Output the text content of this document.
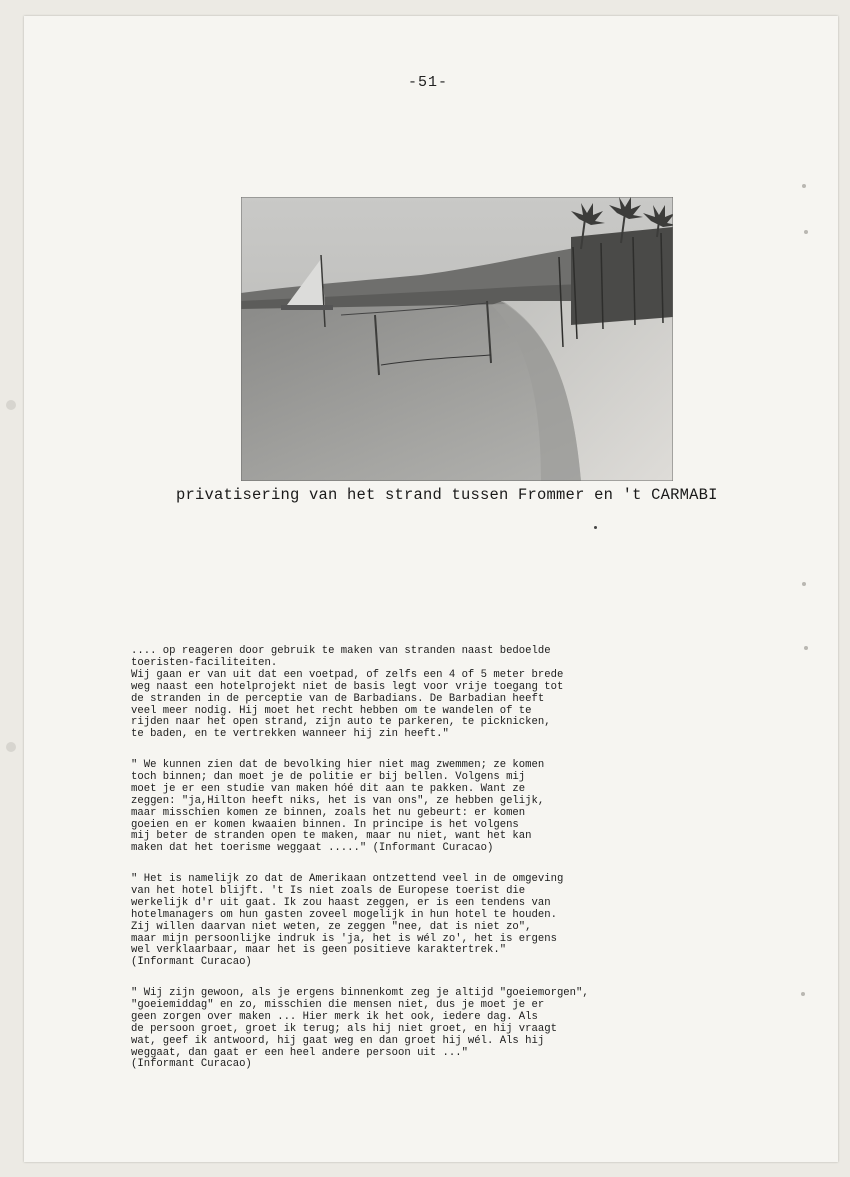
-51-
privatisering van het strand tussen Frommer en 't CARMABI
.... op reageren door gebruik te maken van stranden naast bedoelde
toeristen-faciliteiten.
Wij gaan er van uit dat een voetpad, of zelfs een 4 of 5 meter brede
weg naast een hotelprojekt niet de basis legt voor vrije toegang tot
de stranden in de perceptie van de Barbadians. De Barbadian heeft
veel meer nodig. Hij moet het recht hebben om te wandelen of te
rijden naar het open strand, zijn auto te parkeren, te picknicken,
te baden, en te vertrekken wanneer hij zin heeft."
" We kunnen zien dat de bevolking hier niet mag zwemmen; ze komen
toch binnen; dan moet je de politie er bij bellen. Volgens mij
moet je er een studie van maken hóé dit aan te pakken. Want ze
zeggen: "ja,Hilton heeft niks, het is van ons", ze hebben gelijk,
maar misschien komen ze binnen, zoals het nu gebeurt: er komen
goeien en er komen kwaaien binnen. In principe is het volgens
mij beter de stranden open te maken, maar nu niet, want het kan
maken dat het toerisme weggaat ....." (Informant Curacao)
" Het is namelijk zo dat de Amerikaan ontzettend veel in de omgeving
van het hotel blijft. 't Is niet zoals de Europese toerist die
werkelijk d'r uit gaat. Ik zou haast zeggen, er is een tendens van
hotelmanagers om hun gasten zoveel mogelijk in hun hotel te houden.
Zij willen daarvan niet weten, ze zeggen "nee, dat is niet zo",
maar mijn persoonlijke indruk is 'ja, het is wél zo', het is ergens
wel verklaarbaar, maar het is geen positieve karaktertrek."
(Informant Curacao)
" Wij zijn gewoon, als je ergens binnenkomt zeg je altijd "goeiemorgen",
"goeiemiddag" en zo, misschien die mensen niet, dus je moet je er
geen zorgen over maken ... Hier merk ik het ook, iedere dag. Als
de persoon groet, groet ik terug; als hij niet groet, en hij vraagt
wat, geef ik antwoord, hij gaat weg en dan groet hij wél. Als hij
weggaat, dan gaat er een heel andere persoon uit ..."
(Informant Curacao)
